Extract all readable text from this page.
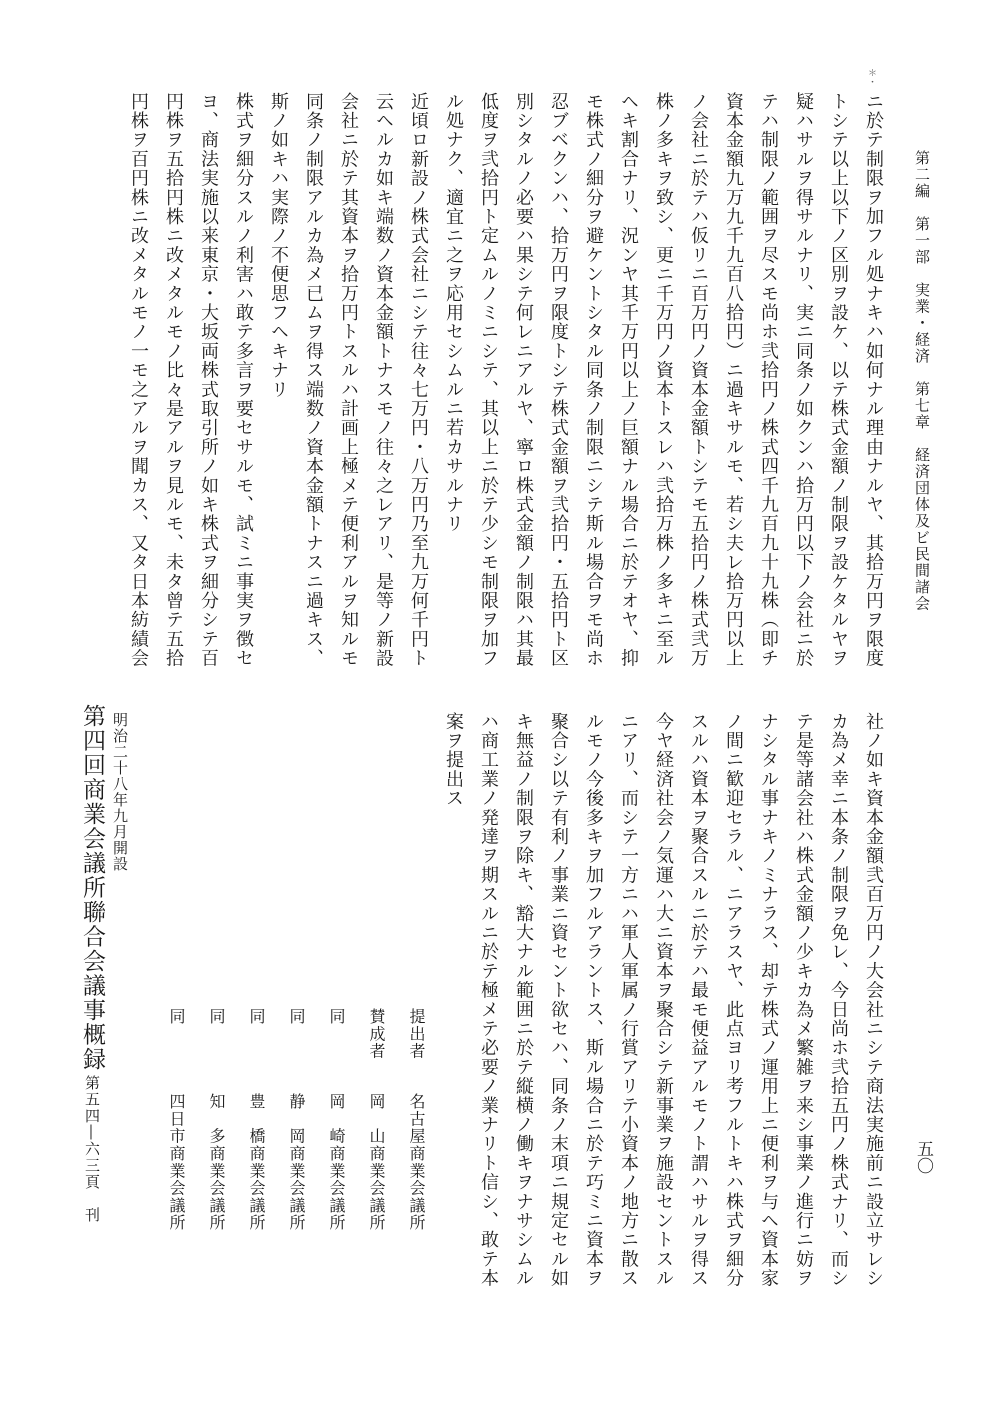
第二編　第一部　実業・経済　第七章　経済団体及ビ民間諸会
五〇
＊・
ニ於テ制限ヲ加フル処ナキハ如何ナル理由ナルヤ、其拾万円ヲ限度
トシテ以上以下ノ区別ヲ設ケ、以テ株式金額ノ制限ヲ設ケタルヤヲ
疑ハサルヲ得サルナリ、実ニ同条ノ如クンハ拾万円以下ノ会社ニ於
テハ制限ノ範囲ヲ尽スモ尚ホ弐拾円ノ株式四千九百九十九株（即チ
資本金額九万九千九百八拾円）ニ過キサルモ、若シ夫レ拾万円以上
ノ会社ニ於テハ仮リニ百万円ノ資本金額トシテモ五拾円ノ株式弐万
株ノ多キヲ致シ、更ニ千万円ノ資本トスレハ弐拾万株ノ多キニ至ル
ヘキ割合ナリ、況ンヤ其千万円以上ノ巨額ナル場合ニ於テオヤ、抑
モ株式ノ細分ヲ避ケントシタル同条ノ制限ニシテ斯ル場合ヲモ尚ホ
忍ブベクンハ、拾万円ヲ限度トシテ株式金額ヲ弐拾円・五拾円ト区
別シタルノ必要ハ果シテ何レニアルヤ、寧ロ株式金額ノ制限ハ其最
低度ヲ弐拾円ト定ムルノミニシテ、其以上ニ於テ少シモ制限ヲ加フ
ル処ナク、適宜ニ之ヲ応用セシムルニ若カサルナリ
近頃ロ新設ノ株式会社ニシテ往々七万円・八万円乃至九万何千円ト
云ヘルカ如キ端数ノ資本金額トナスモノ往々之レアリ、是等ノ新設
会社ニ於テ其資本ヲ拾万円トスルハ計画上極メテ便利アルヲ知ルモ
同条ノ制限アルカ為メ已ムヲ得ス端数ノ資本金額トナスニ過キス、
斯ノ如キハ実際ノ不便思フヘキナリ
株式ヲ細分スルノ利害ハ敢テ多言ヲ要セサルモ、試ミニ事実ヲ徴セ
ヨ、商法実施以来東京・大坂両株式取引所ノ如キ株式ヲ細分シテ百
円株ヲ五拾円株ニ改メタルモノ比々是アルヲ見ルモ、未タ曾テ五拾
円株ヲ百円株ニ改メタルモノ一モ之アルヲ聞カス、又タ日本紡績会
社ノ如キ資本金額弐百万円ノ大会社ニシテ商法実施前ニ設立サレシ
カ為メ幸ニ本条ノ制限ヲ免レ、今日尚ホ弐拾五円ノ株式ナリ、而シ
テ是等諸会社ハ株式金額ノ少キカ為メ繁雑ヲ来シ事業ノ進行ニ妨ヲ
ナシタル事ナキノミナラス、却テ株式ノ運用上ニ便利ヲ与ヘ資本家
ノ間ニ歓迎セラル、ニアラスヤ、此点ヨリ考フルトキハ株式ヲ細分
スルハ資本ヲ聚合スルニ於テハ最モ便益アルモノト謂ハサルヲ得ス
今ヤ経済社会ノ気運ハ大ニ資本ヲ聚合シテ新事業ヲ施設セントスル
ニアリ、而シテ一方ニハ軍人軍属ノ行賞アリテ小資本ノ地方ニ散ス
ルモノ今後多キヲ加フルアラントス、斯ル場合ニ於テ巧ミニ資本ヲ
聚合シ以テ有利ノ事業ニ資セント欲セハ、同条ノ末項ニ規定セル如
キ無益ノ制限ヲ除キ、豁大ナル範囲ニ於テ縦横ノ働キヲナサシムル
ハ商工業ノ発達ヲ期スルニ於テ極メテ必要ノ業ナリト信シ、敢テ本
案ヲ提出ス
提出者
名古屋商業会議所
賛成者
岡　山商業会議所
同
岡　崎商業会議所
同
静　岡商業会議所
同
豊　橋商業会議所
同
知　多商業会議所
同
四日市商業会議所
明治二十八年九月開設
第四回商業会議所聯合会議事概録
第五四―六三頁　刊
